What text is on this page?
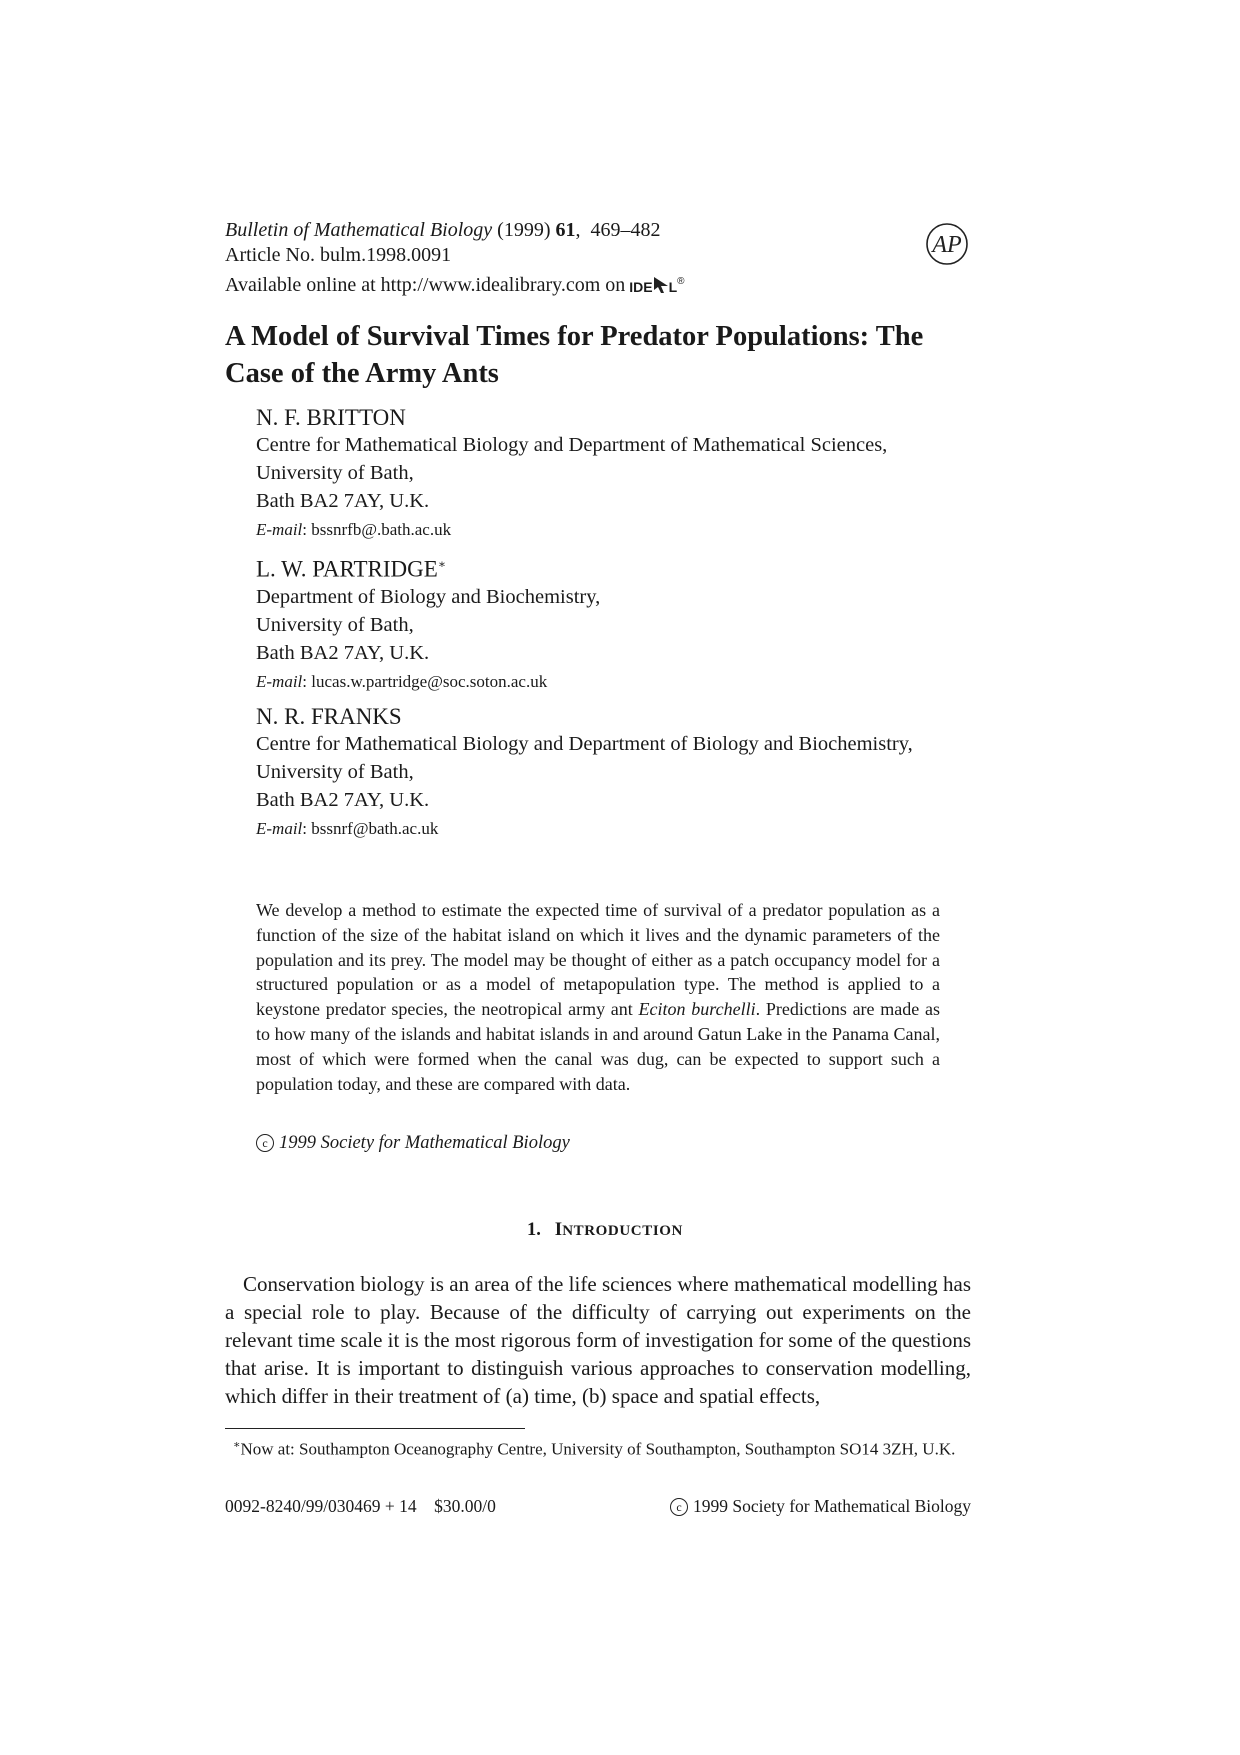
Bulletin of Mathematical Biology (1999) 61,  469–482
Article No. bulm.1998.0091
Available online at http://www.idealibrary.com on IDE L®
AP
A Model of Survival Times for Predator Populations: The Case of the Army Ants
N. F. BRITTON
Centre for Mathematical Biology and Department of Mathematical Sciences,
University of Bath,
Bath BA2 7AY, U.K.
E-mail: bssnrfb@.bath.ac.uk
L. W. PARTRIDGE∗
Department of Biology and Biochemistry,
University of Bath,
Bath BA2 7AY, U.K.
E-mail: lucas.w.partridge@soc.soton.ac.uk
N. R. FRANKS
Centre for Mathematical Biology and Department of Biology and Biochemistry,
University of Bath,
Bath BA2 7AY, U.K.
E-mail: bssnrf@bath.ac.uk
We develop a method to estimate the expected time of survival of a predator population as a function of the size of the habitat island on which it lives and the dynamic parameters of the population and its prey. The model may be thought of either as a patch occupancy model for a structured population or as a model of metapopulation type. The method is applied to a keystone predator species, the neotropical army ant Eciton burchelli. Predictions are made as to how many of the islands and habitat islands in and around Gatun Lake in the Panama Canal, most of which were formed when the canal was dug, can be expected to support such a population today, and these are compared with data.
c 1999 Society for Mathematical Biology
1. INTRODUCTION
Conservation biology is an area of the life sciences where mathematical modelling has a special role to play. Because of the difficulty of carrying out experiments on the relevant time scale it is the most rigorous form of investigation for some of the questions that arise. It is important to distinguish various approaches to conservation modelling, which differ in their treatment of (a) time, (b) space and spatial effects,
∗Now at: Southampton Oceanography Centre, University of Southampton, Southampton SO14 3ZH, U.K.
0092-8240/99/030469 + 14 $30.00/0	c 1999 Society for Mathematical Biology
